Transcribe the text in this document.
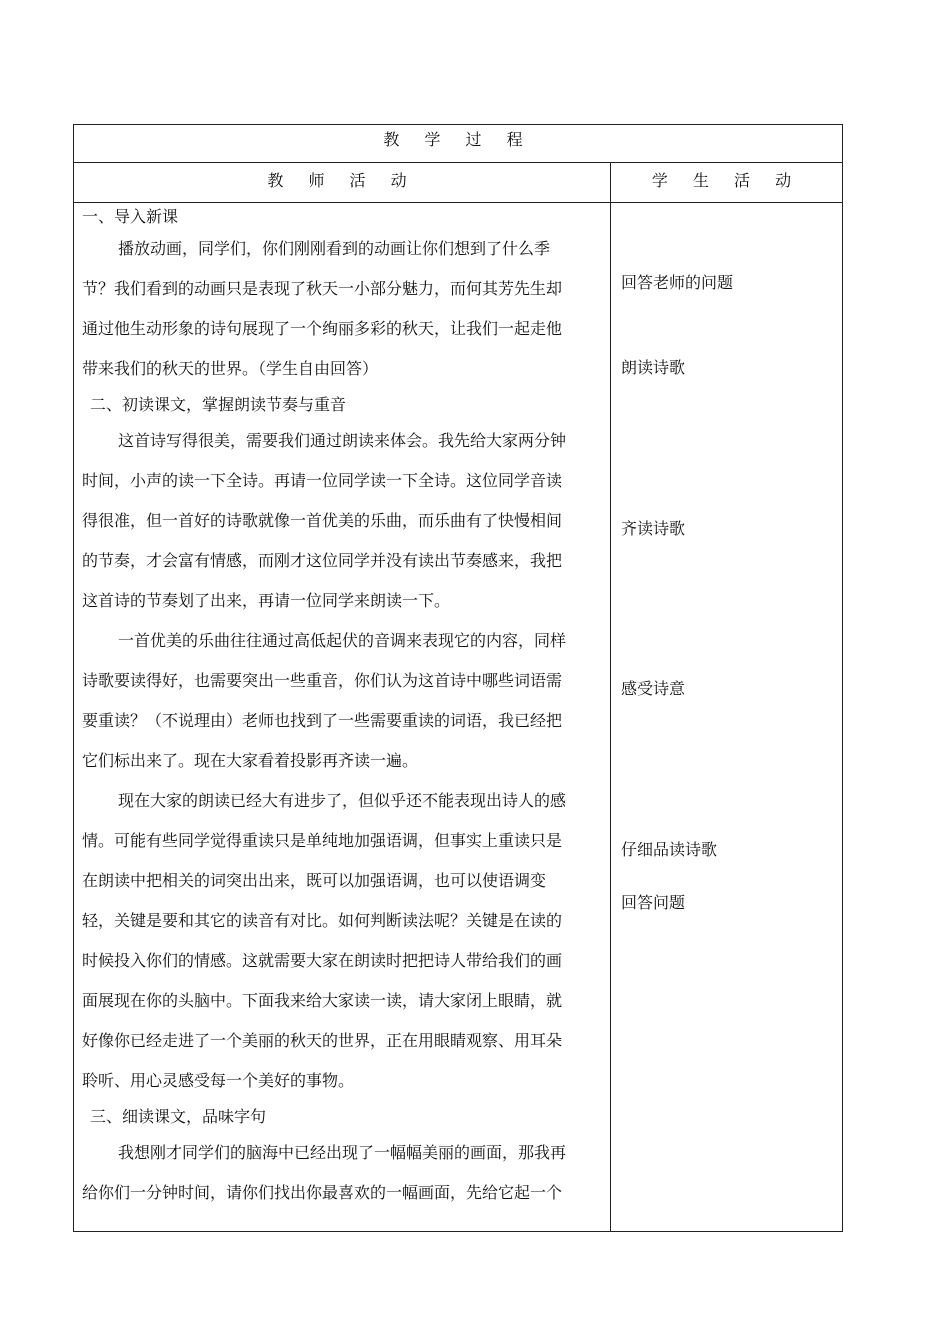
教 学 过 程
教 师 活 动	学 生 活 动
一、导入新课
播放动画，同学们，你们刚刚看到的动画让你们想到了什么季
节？我们看到的动画只是表现了秋天一小部分魅力，而何其芳先生却
通过他生动形象的诗句展现了一个绚丽多彩的秋天，让我们一起走他
带来我们的秋天的世界。（学生自由回答）
二、初读课文，掌握朗读节奏与重音
这首诗写得很美，需要我们通过朗读来体会。我先给大家两分钟
时间，小声的读一下全诗。再请一位同学读一下全诗。这位同学音读
得很准，但一首好的诗歌就像一首优美的乐曲，而乐曲有了快慢相间
的节奏，才会富有情感，而刚才这位同学并没有读出节奏感来，我把
这首诗的节奏划了出来，再请一位同学来朗读一下。
一首优美的乐曲往往通过高低起伏的音调来表现它的内容，同样
诗歌要读得好，也需要突出一些重音，你们认为这首诗中哪些词语需
要重读？（不说理由）老师也找到了一些需要重读的词语，我已经把
它们标出来了。现在大家看着投影再齐读一遍。
现在大家的朗读已经大有进步了，但似乎还不能表现出诗人的感
情。可能有些同学觉得重读只是单纯地加强语调，但事实上重读只是
在朗读中把相关的词突出出来，既可以加强语调，也可以使语调变
轻，关键是要和其它的读音有对比。如何判断读法呢？关键是在读的
时候投入你们的情感。这就需要大家在朗读时把把诗人带给我们的画
面展现在你的头脑中。下面我来给大家读一读，请大家闭上眼睛，就
好像你已经走进了一个美丽的秋天的世界，正在用眼睛观察、用耳朵
聆听、用心灵感受每一个美好的事物。
三、细读课文，品味字句
我想刚才同学们的脑海中已经出现了一幅幅美丽的画面，那我再
给你们一分钟时间，请你们找出你最喜欢的一幅画面，先给它起一个
回答老师的问题
朗读诗歌
齐读诗歌
感受诗意
仔细品读诗歌
回答问题
